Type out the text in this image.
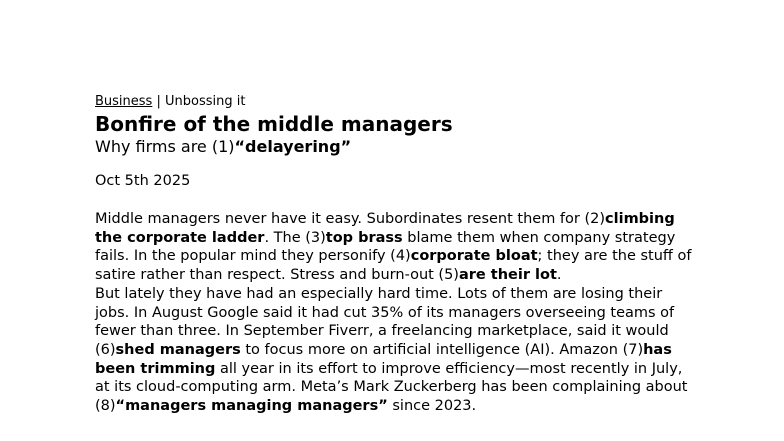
Business | Unbossing it
Bonfire of the middle managers
Why firms are (1)“delayering”
Oct 5th 2025

Middle managers never have it easy. Subordinates resent them for (2)climbing the corporate ladder. The (3)top brass blame them when company strategy fails. In the popular mind they personify (4)corporate bloat; they are the stuff of satire rather than respect. Stress and burn-out (5)are their lot.

But lately they have had an especially hard time. Lots of them are losing their jobs. In August Google said it had cut 35% of its managers overseeing teams of fewer than three. In September Fiverr, a freelancing marketplace, said it would (6)shed managers to focus more on artificial intelligence (AI). Amazon (7)has been trimming all year in its effort to improve efficiency—most recently in July, at its cloud-computing arm. Meta’s Mark Zuckerberg has been complaining about (8)“managers managing managers” since 2023.
